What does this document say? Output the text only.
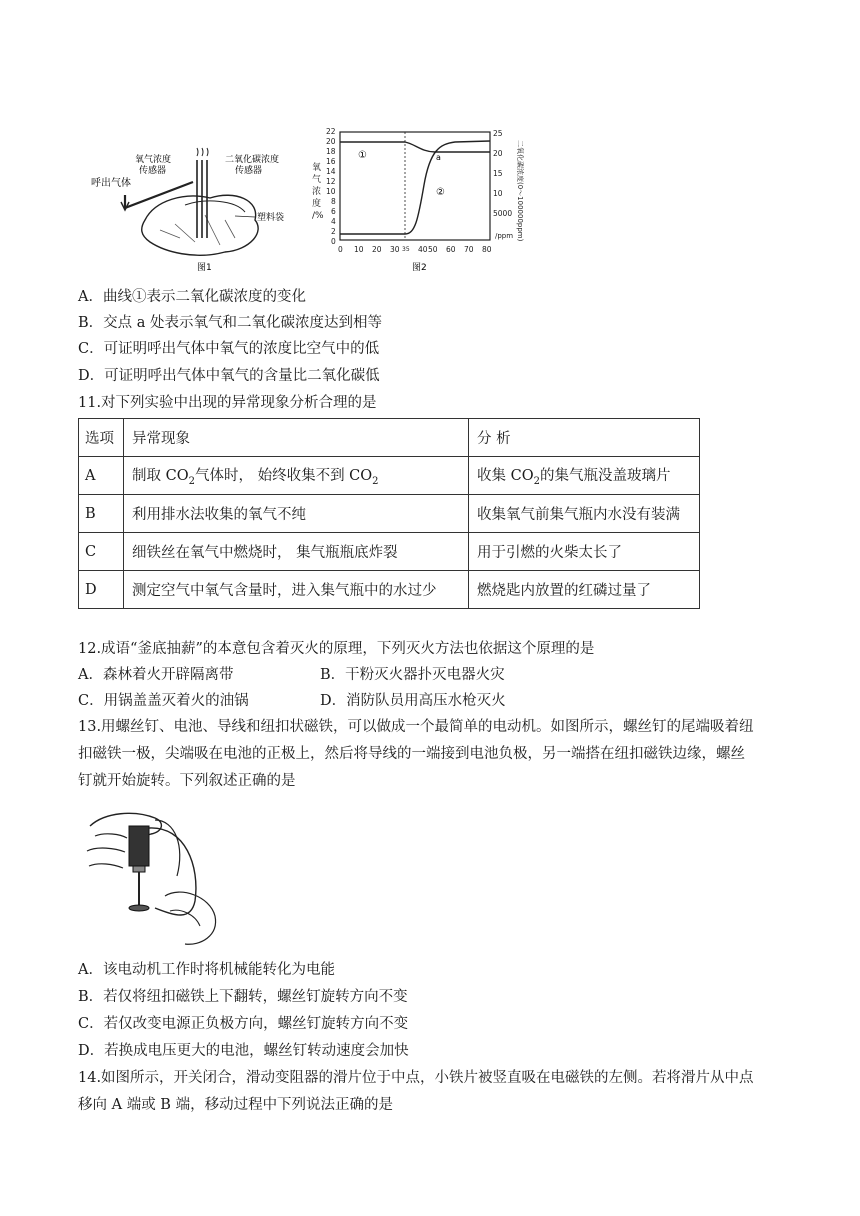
氧气浓度
传感器
二氧化碳浓度
传感器
呼出气体
塑料袋
图1
22
20
18
16
14
12
10
8
6
4
2
0
氧
气
浓
度
/%
25
20
15
10
5000 二氧化碳浓度(0～100000ppm)
/ppm
0 10 20 30 40 50 60 70 80
35
①
②
a
图2
A．曲线①表示二氧化碳浓度的变化
B．交点 a 处表示氧气和二氧化碳浓度达到相等
C．可证明呼出气体中氧气的浓度比空气中的低
D．可证明呼出气体中氧气的含量比二氧化碳低
11.对下列实验中出现的异常现象分析合理的是
选项	异常现象	分 析
A	制取 $CO_2$气体时， 始终收集不到 $CO_2$	收集 $CO_2$的集气瓶没盖玻璃片
B	利用排水法收集的氧气不纯	收集氧气前集气瓶内水没有装满
C	细铁丝在氧气中燃烧时， 集气瓶瓶底炸裂	用于引燃的火柴太长了
D	测定空气中氧气含量时，进入集气瓶中的水过少	燃烧匙内放置的红磷过量了
12.成语“釜底抽薪”的本意包含着灭火的原理，下列灭火方法也依据这个原理的是
A．森林着火开辟隔离带	B．干粉灭火器扑灭电器火灾
C．用锅盖盖灭着火的油锅	D．消防队员用高压水枪灭火
13.用螺丝钉、电池、导线和纽扣状磁铁，可以做成一个最简单的电动机。如图所示，螺丝钉的尾端吸着纽
扣磁铁一极，尖端吸在电池的正极上，然后将导线的一端接到电池负极，另一端搭在纽扣磁铁边缘，螺丝
钉就开始旋转。下列叙述正确的是
A．该电动机工作时将机械能转化为电能
B．若仅将纽扣磁铁上下翻转，螺丝钉旋转方向不变
C．若仅改变电源正负极方向，螺丝钉旋转方向不变
D．若换成电压更大的电池，螺丝钉转动速度会加快
14.如图所示，开关闭合，滑动变阻器的滑片位于中点，小铁片被竖直吸在电磁铁的左侧。若将滑片从中点
移向 A 端或 B 端，移动过程中下列说法正确的是
